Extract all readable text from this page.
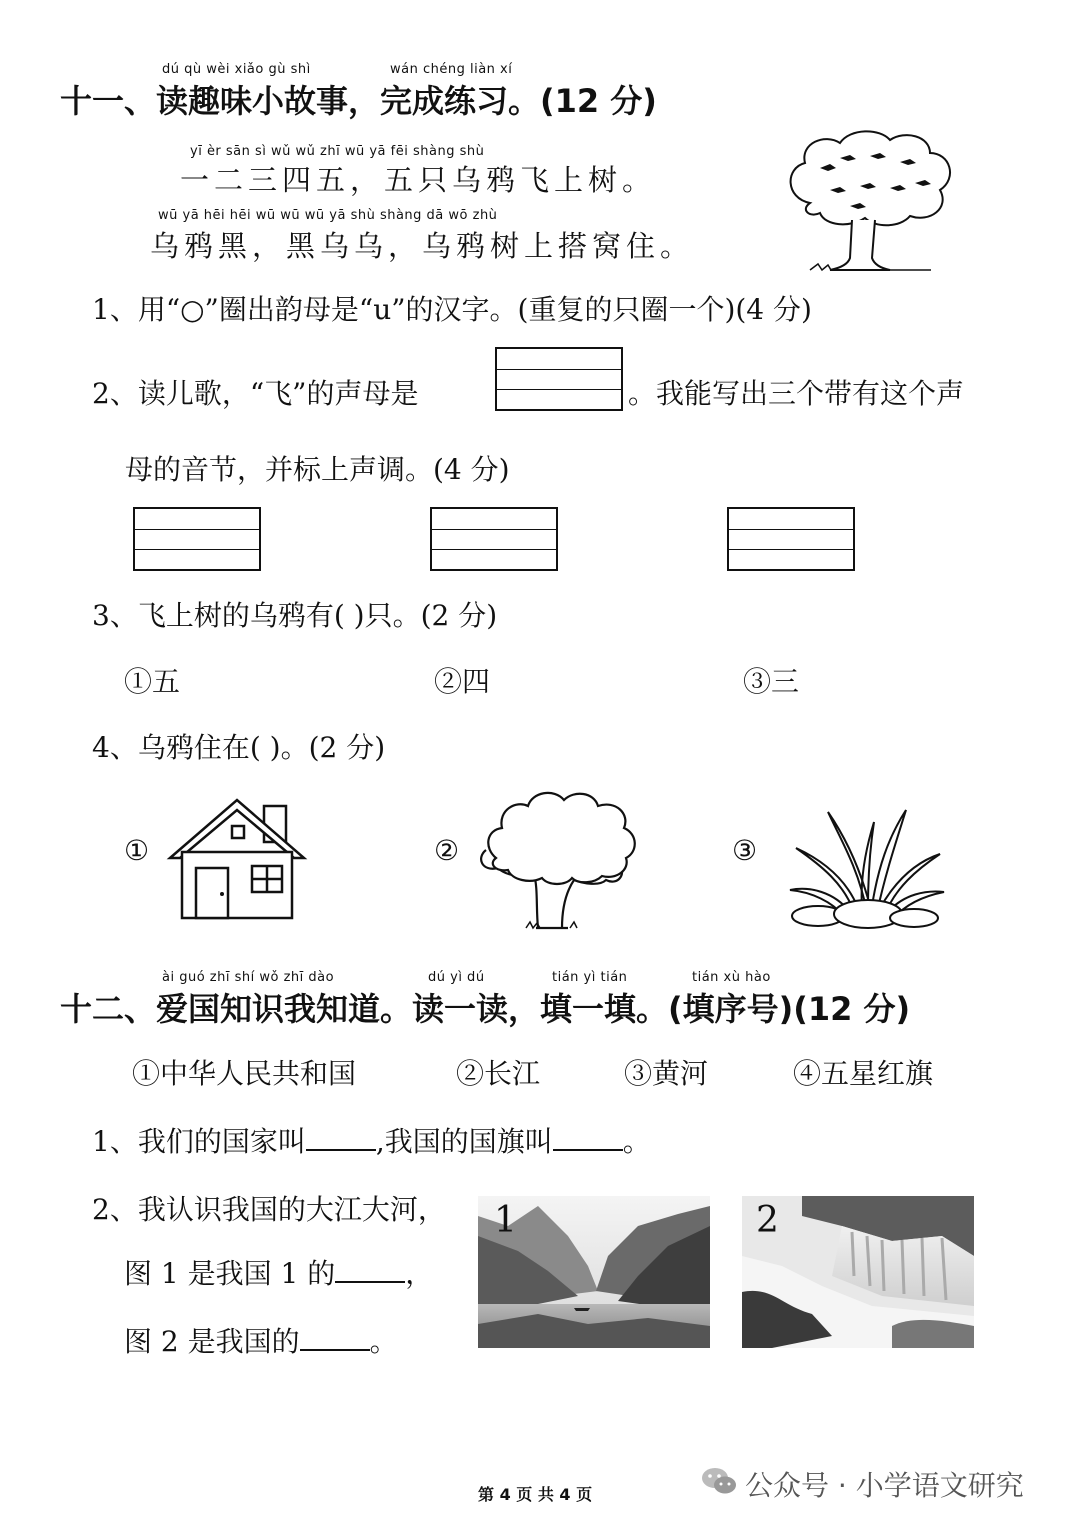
dú qù wèi xiǎo gù shì	wán chéng liàn xí
十一、读趣味小故事，完成练习。(12 分)
yī èr sān sì wǔ wǔ zhī wū yā fēi shàng shù
一二三四五，五只乌鸦飞上树。
wū yā hēi hēi wū wū wū yā shù shàng dā wō zhù
乌鸦黑，黑乌乌，乌鸦树上搭窝住。
1、用“○”圈出韵母是“u”的汉字。(重复的只圈一个)(4 分)
2、读儿歌，“飞”的声母是	。我能写出三个带有这个声
母的音节，并标上声调。(4 分)
3、飞上树的乌鸦有( )只。(2 分)
①五	②四	③三
4、乌鸦住在( )。(2 分)
①	②	③
ài guó zhī shí wǒ zhī dào	dú yì dú	tián yì tián	tián xù hào
十二、爱国知识我知道。读一读，填一填。(填序号)(12 分)
①中华人民共和国	②长江	③黄河	④五星红旗
1、我们的国家叫	,我国的国旗叫	。
2、我认识我国的大江大河，
图 1 是我国 1 的	，
图 2 是我国的	。
1	2
第 4 页 共 4 页	公众号 · 小学语文研究
